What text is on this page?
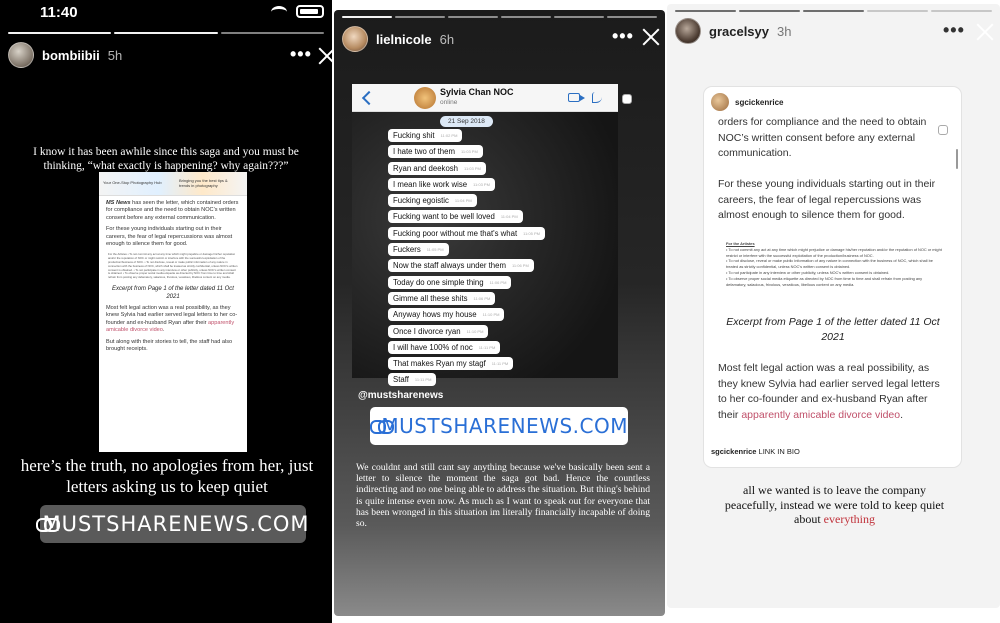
11:40
bombiibii 5h	•••
I know it has been awhile since this saga and you must be thinking, “what exactly is happening? why again???”
Your One-Stop Photography Hub	Bringing you the best tips & trends in photography

MS News has seen the letter, which contained orders for compliance and the need to obtain NOC’s written consent before any external communication.

For these young individuals starting out in their careers, the fear of legal repercussions was almost enough to silence them for good.

For the Artistes • To not commit any act at any time which might prejudice or damage his/her reputation and/or the reputation of NOC or might restrict or interfere with the successful exploitation of the production/business of NOC. • To not disclose, reveal or make public information of any nature in connection with the business of NOC, which shall be treated as strictly confidential, unless NOC’s written consent is obtained. • To not participate in any interview or other publicity, unless NOC’s written consent is obtained. • To observe proper social media etiquette as directed by NOC from time to time and shall refrain from posting any defamatory, salacious, frivolous, vexatious, libellous content on any media.

Excerpt from Page 1 of the letter dated 11 Oct 2021

Most felt legal action was a real possibility, as they knew Sylvia had earlier served legal letters to her co-founder and ex-husband Ryan after their apparently amicable divorce video.

But along with their stories to tell, the staff had also brought receipts.

here’s the truth, no apologies from her, just letters asking us to keep quiet
MUSTSHARENEWS.COM
lielnicole 6h	•••
Sylvia Chan NOC
online
21 Sep 2018
Fucking shit 11:02 PM
I hate two of them 11:03 PM
Ryan and deekosh 11:03 PM
I mean like work wise 11:03 PM
Fucking egoistic 11:04 PM
Fucking want to be well loved 11:04 PM
Fucking poor without me that's what 11:05 PM
Fuckers 11:05 PM
Now the staff always under them 11:06 PM
Today do one simple thing 11:06 PM
Gimme all these shits 11:06 PM
Anyway hows my house 11:10 PM
Once I divorce ryan 11:10 PM
I will have 100% of noc 11:11 PM
That makes Ryan my stagf 11:11 PM
Staff 11:11 PM
@mustsharenews
MUSTSHARENEWS.COM
We couldnt and still cant say anything because we've basically been sent a letter to silence the moment the saga got bad. Hence the countless indirecting and no one being able to address the situation. But thing's behind is quite intense even now. As much as I want to speak out for everyone that has been wronged in this situation im literally financially incapable of doing so.
gracelsyy 3h	•••
sgcickenrice

orders for compliance and the need to obtain NOC’s written consent before any external communication.

For these young individuals starting out in their careers, the fear of legal repercussions was almost enough to silence them for good.

For the Artistes
• To not commit any act at any time which might prejudice or damage his/her reputation and/or the reputation of NOC or might restrict or interfere with the successful exploitation of the production/business of NOC.
• To not disclose, reveal or make public information of any nature in connection with the business of NOC, which shall be treated as strictly confidential, unless NOC’s written consent is obtained.
• To not participate in any interview or other publicity, unless NOC’s written consent is obtained.
• To observe proper social media etiquette as directed by NOC from time to time and shall refrain from posting any defamatory, salacious, frivolous, vexatious, libellous content on any media.

Excerpt from Page 1 of the letter dated 11 Oct 2021

Most felt legal action was a real possibility, as they knew Sylvia had earlier served legal letters to her co-founder and ex-husband Ryan after their apparently amicable divorce video.

sgcickenrice LINK IN BIO
all we wanted is to leave the company peacefully, instead we were told to keep quiet about everything
